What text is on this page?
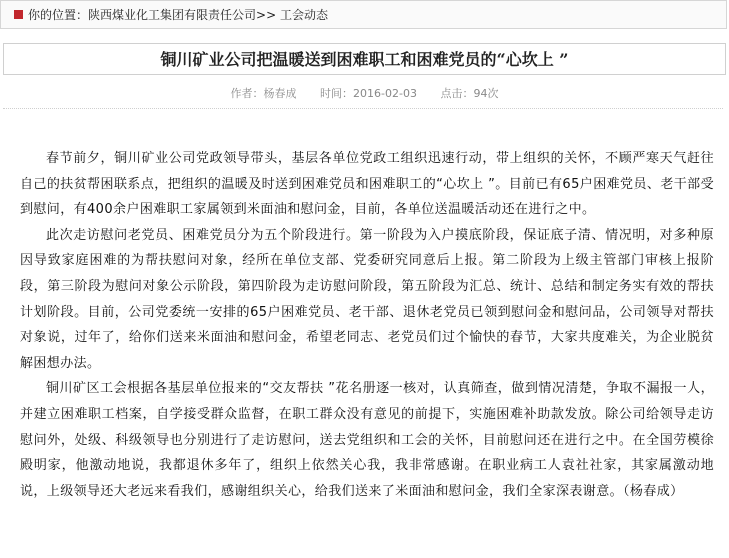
你的位置：陕西煤业化工集团有限责任公司>> 工会动态
铜川矿业公司把温暖送到困难职工和困难党员的“心坎上 ”
作者：杨春成 时间：2016-02-03 点击：94次

春节前夕，铜川矿业公司党政领导带头，基层各单位党政工组织迅速行动，带上组织的关怀，不顾严寒天气赶往自己的扶贫帮困联系点，把组织的温暖及时送到困难党员和困难职工的“心坎上 ”。目前已有65户困难党员、老干部受到慰问，有400余户困难职工家属领到米面油和慰问金，目前，各单位送温暖活动还在进行之中。

此次走访慰问老党员、困难党员分为五个阶段进行。第一阶段为入户摸底阶段，保证底子清、情况明，对多种原因导致家庭困难的为帮扶慰问对象，经所在单位支部、党委研究同意后上报。第二阶段为上级主管部门审核上报阶段，第三阶段为慰问对象公示阶段，第四阶段为走访慰问阶段，第五阶段为汇总、统计、总结和制定务实有效的帮扶计划阶段。目前，公司党委统一安排的65户困难党员、老干部、退休老党员已领到慰问金和慰问品，公司领导对帮扶对象说，过年了，给你们送来米面油和慰问金，希望老同志、老党员们过个愉快的春节，大家共度难关，为企业脱贫解困想办法。

铜川矿区工会根据各基层单位报来的“交友帮扶 ”花名册逐一核对，认真筛查，做到情况清楚，争取不漏报一人，并建立困难职工档案，自学接受群众监督，在职工群众没有意见的前提下，实施困难补助款发放。除公司给领导走访慰问外，处级、科级领导也分别进行了走访慰问，送去党组织和工会的关怀，目前慰问还在进行之中。在全国劳模徐殿明家，他激动地说，我都退休多年了，组织上依然关心我，我非常感谢。在职业病工人袁社社家，其家属激动地说，上级领导还大老远来看我们，感谢组织关心，给我们送来了米面油和慰问金，我们全家深表谢意。（杨春成）
